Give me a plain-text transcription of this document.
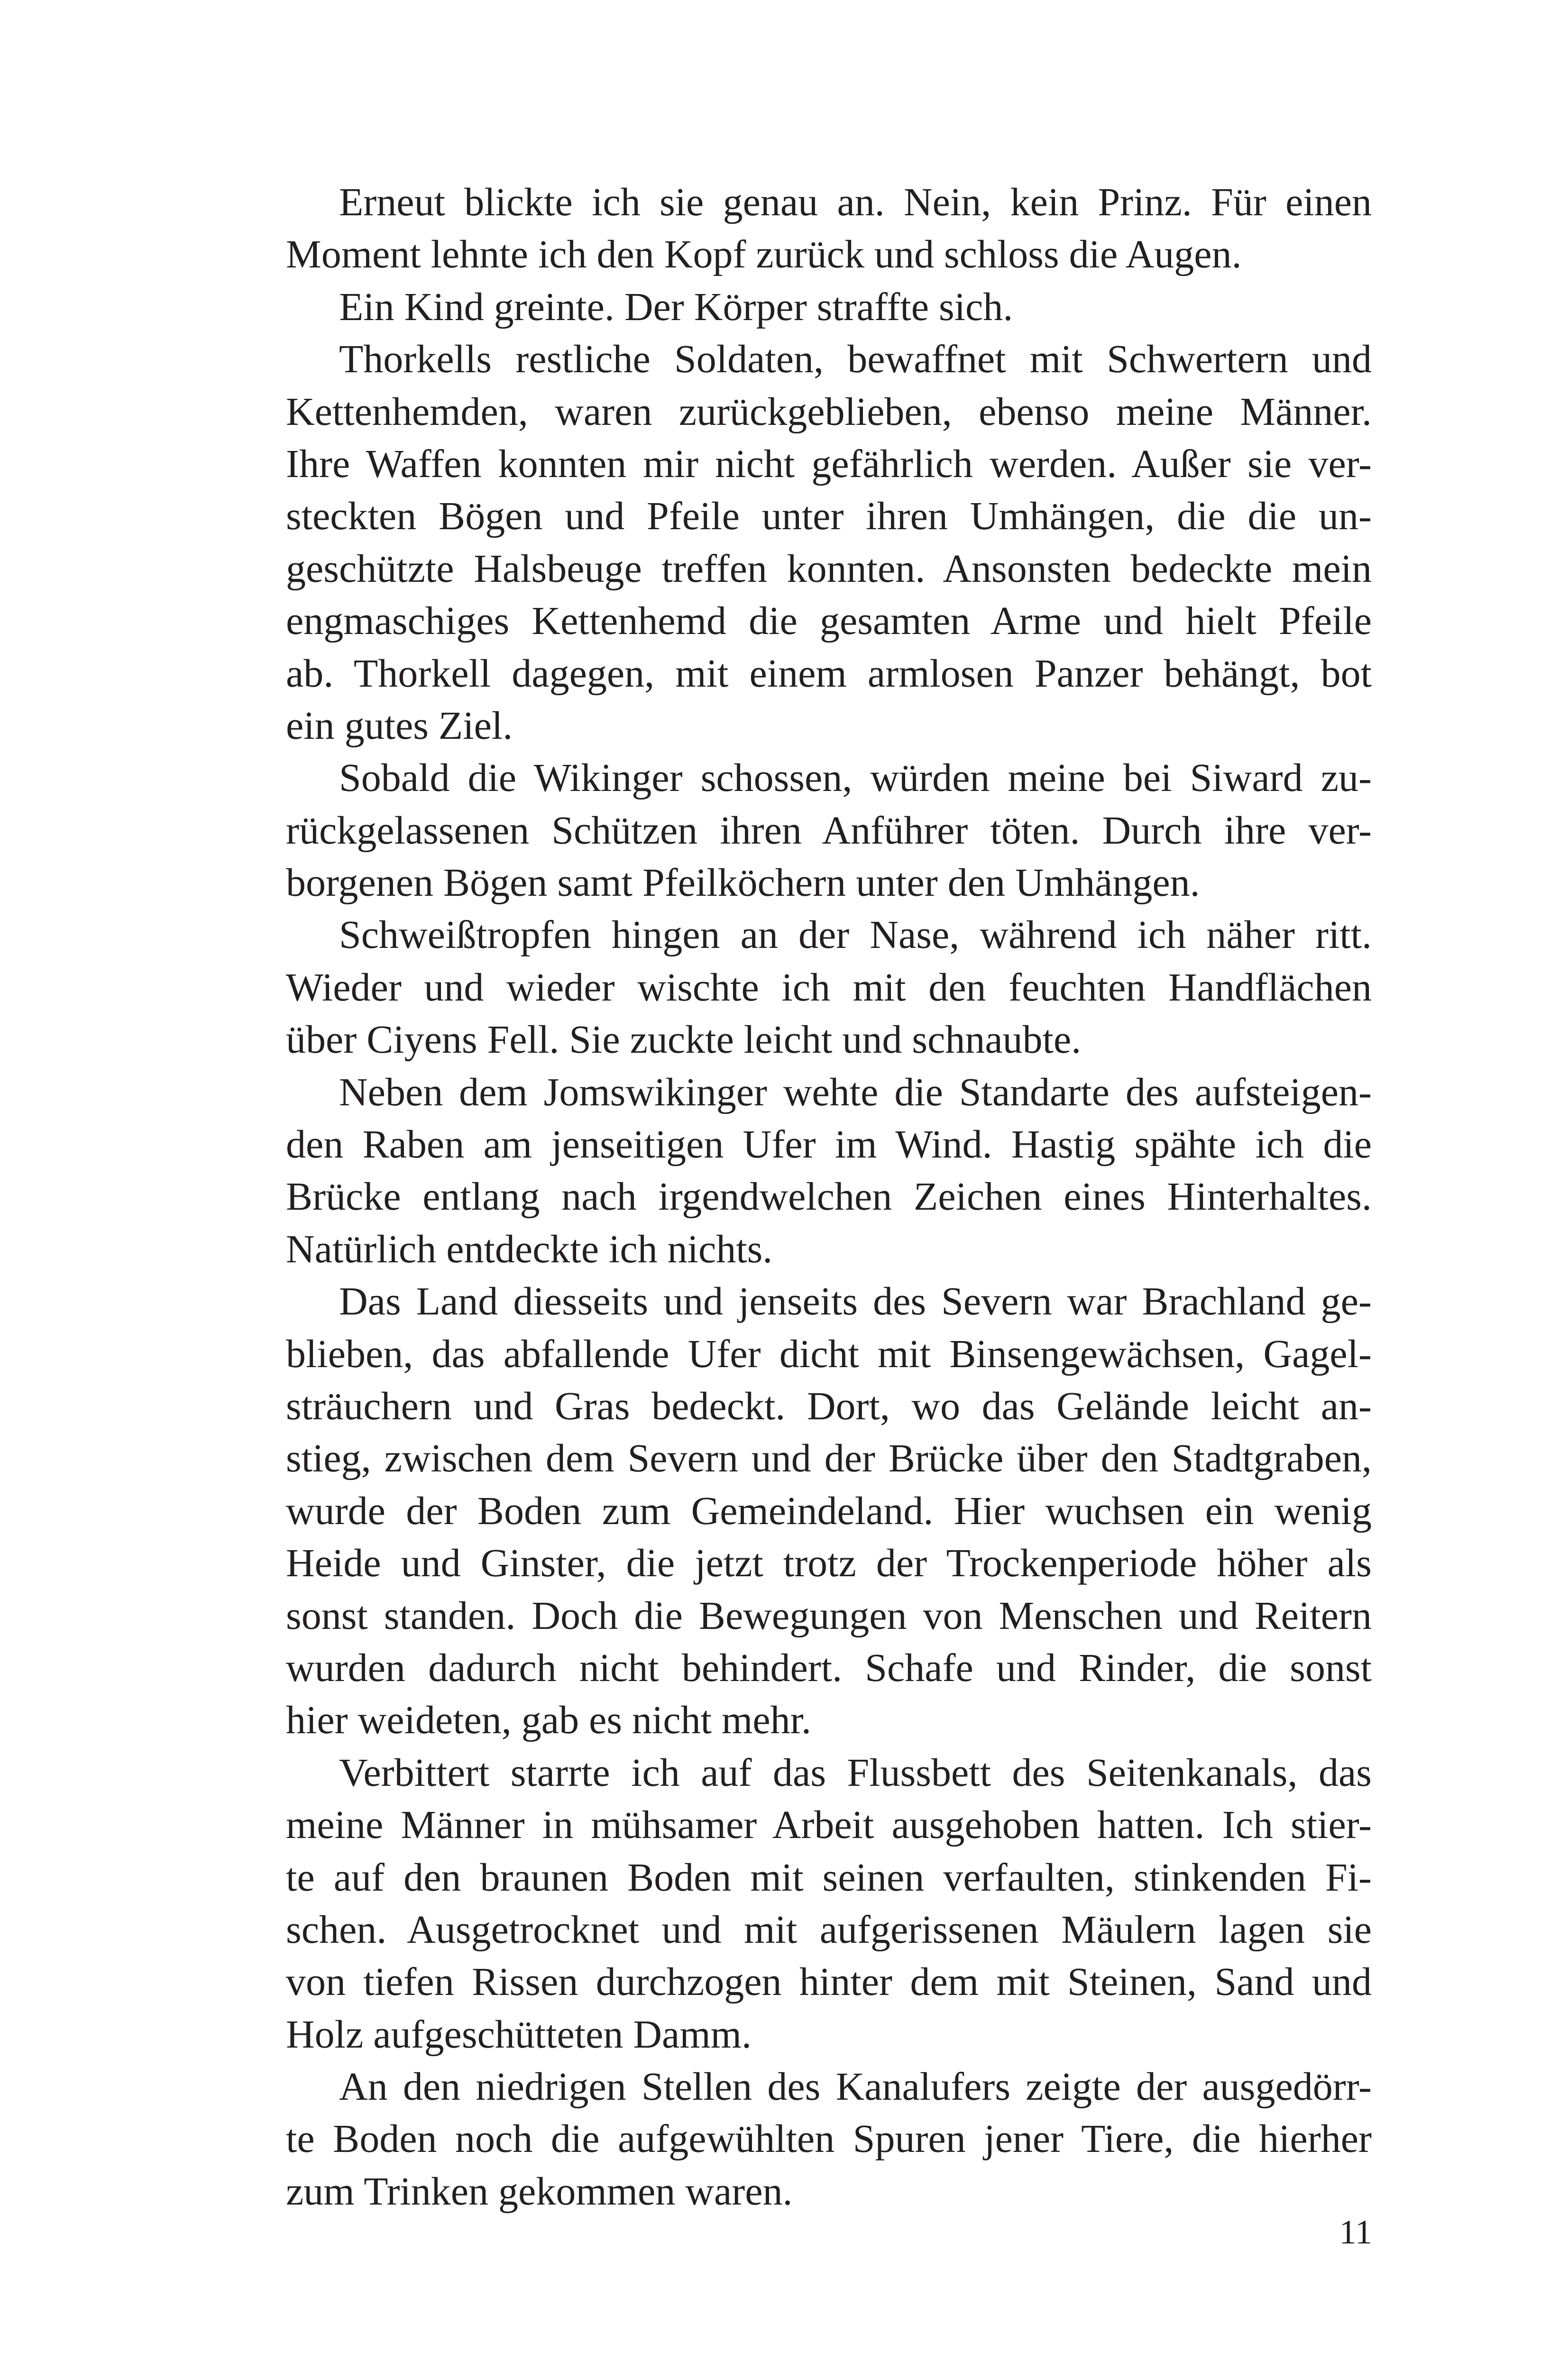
Erneut blickte ich sie genau an. Nein, kein Prinz. Für einen
Moment lehnte ich den Kopf zurück und schloss die Augen.
Ein Kind greinte. Der Körper straffte sich.
Thorkells restliche Soldaten, bewaffnet mit Schwertern und
Kettenhemden, waren zurückgeblieben, ebenso meine Männer.
Ihre Waffen konnten mir nicht gefährlich werden. Außer sie ver-
steckten Bögen und Pfeile unter ihren Umhängen, die die un-
geschützte Halsbeuge treffen konnten. Ansonsten bedeckte mein
engmaschiges Kettenhemd die gesamten Arme und hielt Pfeile
ab. Thorkell dagegen, mit einem armlosen Panzer behängt, bot
ein gutes Ziel.
Sobald die Wikinger schossen, würden meine bei Siward zu-
rückgelassenen Schützen ihren Anführer töten. Durch ihre ver-
borgenen Bögen samt Pfeilköchern unter den Umhängen.
Schweißtropfen hingen an der Nase, während ich näher ritt.
Wieder und wieder wischte ich mit den feuchten Handflächen
über Ciyens Fell. Sie zuckte leicht und schnaubte.
Neben dem Jomswikinger wehte die Standarte des aufsteigen-
den Raben am jenseitigen Ufer im Wind. Hastig spähte ich die
Brücke entlang nach irgendwelchen Zeichen eines Hinterhaltes.
Natürlich entdeckte ich nichts.
Das Land diesseits und jenseits des Severn war Brachland ge-
blieben, das abfallende Ufer dicht mit Binsengewächsen, Gagel-
sträuchern und Gras bedeckt. Dort, wo das Gelände leicht an-
stieg, zwischen dem Severn und der Brücke über den Stadtgraben,
wurde der Boden zum Gemeindeland. Hier wuchsen ein wenig
Heide und Ginster, die jetzt trotz der Trockenperiode höher als
sonst standen. Doch die Bewegungen von Menschen und Reitern
wurden dadurch nicht behindert. Schafe und Rinder, die sonst
hier weideten, gab es nicht mehr.
Verbittert starrte ich auf das Flussbett des Seitenkanals, das
meine Männer in mühsamer Arbeit ausgehoben hatten. Ich stier-
te auf den braunen Boden mit seinen verfaulten, stinkenden Fi-
schen. Ausgetrocknet und mit aufgerissenen Mäulern lagen sie
von tiefen Rissen durchzogen hinter dem mit Steinen, Sand und
Holz aufgeschütteten Damm.
An den niedrigen Stellen des Kanalufers zeigte der ausgedörr-
te Boden noch die aufgewühlten Spuren jener Tiere, die hierher
zum Trinken gekommen waren.
11
